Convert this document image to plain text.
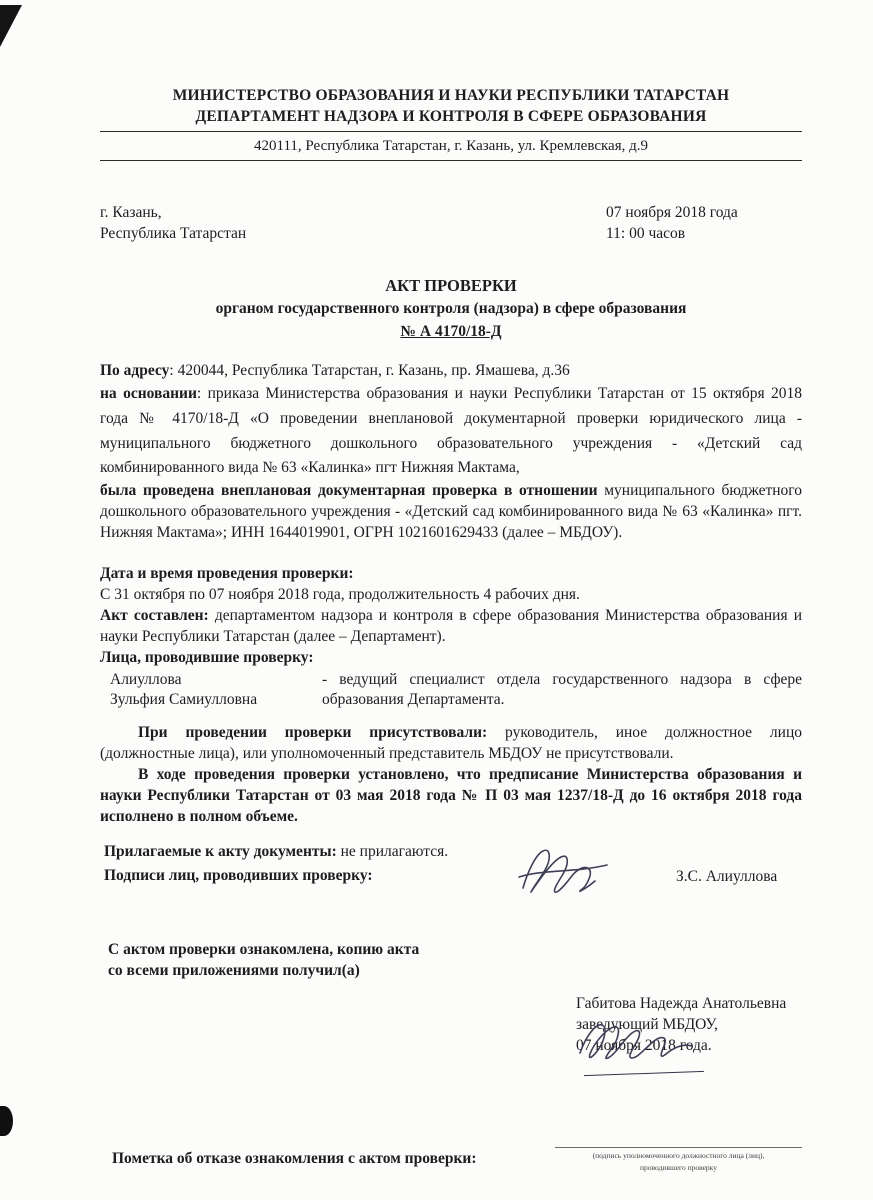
МИНИСТЕРСТВО ОБРАЗОВАНИЯ И НАУКИ РЕСПУБЛИКИ ТАТАРСТАН
ДЕПАРТАМЕНТ НАДЗОРА И КОНТРОЛЯ В СФЕРЕ ОБРАЗОВАНИЯ
420111, Республика Татарстан, г. Казань, ул. Кремлевская, д.9
г. Казань,
Республика Татарстан
07 ноября 2018 года
11: 00 часов
АКТ ПРОВЕРКИ
органом государственного контроля (надзора) в сфере образования
№ А 4170/18-Д

По адресу: 420044, Республика Татарстан, г. Казань, пр. Ямашева, д.36

на основании: приказа Министерства образования и науки Республики Татарстан от 15 октября 2018 года № 4170/18-Д «О проведении внеплановой документарной проверки юридического лица - муниципального бюджетного дошкольного образовательного учреждения - «Детский сад комбинированного вида № 63 «Калинка» пгт Нижняя Мактама,

была проведена внеплановая документарная проверка в отношении муниципального бюджетного дошкольного образовательного учреждения - «Детский сад комбинированного вида № 63 «Калинка» пгт. Нижняя Мактама»; ИНН 1644019901, ОГРН 1021601629433 (далее – МБДОУ).

Дата и время проведения проверки:

С 31 октября по 07 ноября 2018 года, продолжительность 4 рабочих дня.

Акт составлен: департаментом надзора и контроля в сфере образования Министерства образования и науки Республики Татарстан (далее – Департамент).

Лица, проводившие проверку:

Алиуллова
Зульфия Самиулловна
- ведущий специалист отдела государственного надзора в сфере образования Департамента.

При проведении проверки присутствовали: руководитель, иное должностное лицо (должностные лица), или уполномоченный представитель МБДОУ не присутствовали.

В ходе проведения проверки установлено, что предписание Министерства образования и науки Республики Татарстан от 03 мая 2018 года № П 03 мая 1237/18-Д до 16 октября 2018 года исполнено в полном объеме.

Прилагаемые к акту документы: не прилагаются.

Подписи лиц, проводивших проверку:	З.С. Алиуллова
С актом проверки ознакомлена, копию акта
со всеми приложениями получил(а)
Габитова Надежда Анатольевна
заведующий МБДОУ,
07 ноября 2018 года.
Пометка об отказе ознакомления с актом проверки:	(подпись уполномоченного должностного лица (лиц),
проводившего проверку
